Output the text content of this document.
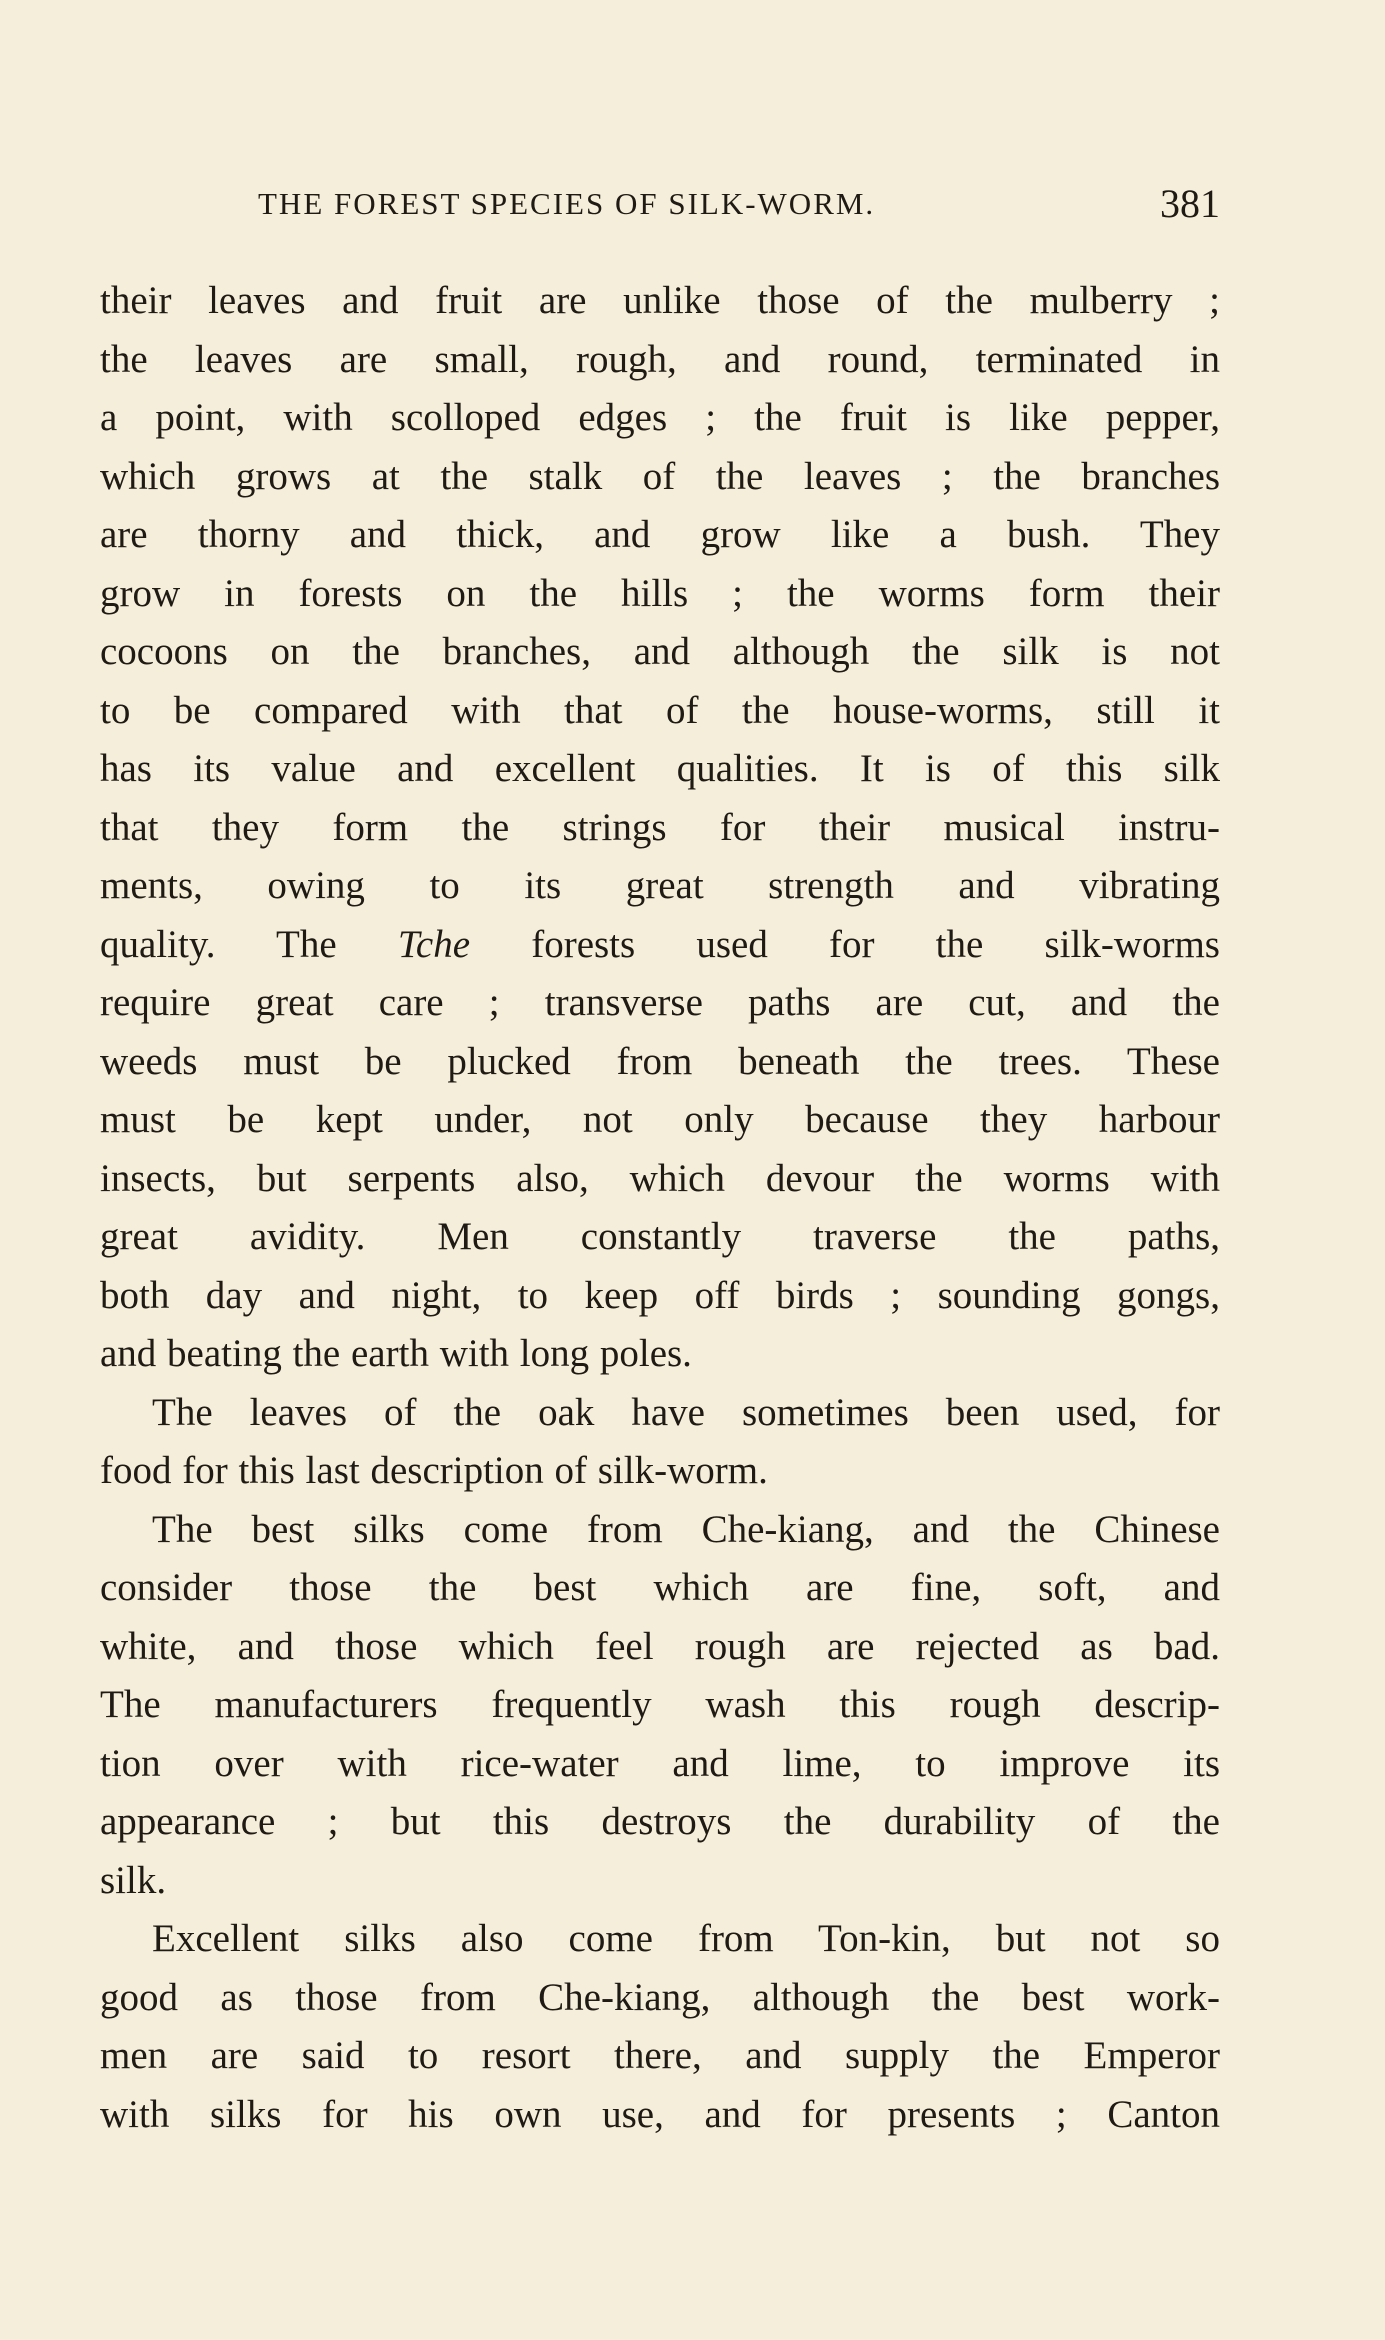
THE FOREST SPECIES OF SILK-WORM.	381
their leaves and fruit are unlike those of the mulberry ;
the leaves are small, rough, and round, terminated in
a point, with scolloped edges ; the fruit is like pepper,
which grows at the stalk of the leaves ; the branches
are thorny and thick, and grow like a bush. They
grow in forests on the hills ; the worms form their
cocoons on the branches, and although the silk is not
to be compared with that of the house-worms, still it
has its value and excellent qualities. It is of this silk
that they form the strings for their musical instru-
ments, owing to its great strength and vibrating
quality. The Tche forests used for the silk-worms
require great care ; transverse paths are cut, and the
weeds must be plucked from beneath the trees. These
must be kept under, not only because they harbour
insects, but serpents also, which devour the worms with
great avidity. Men constantly traverse the paths,
both day and night, to keep off birds ; sounding gongs,
and beating the earth with long poles.
The leaves of the oak have sometimes been used, for
food for this last description of silk-worm.
The best silks come from Che-kiang, and the Chinese
consider those the best which are fine, soft, and
white, and those which feel rough are rejected as bad.
The manufacturers frequently wash this rough descrip-
tion over with rice-water and lime, to improve its
appearance ; but this destroys the durability of the
silk.
Excellent silks also come from Ton-kin, but not so
good as those from Che-kiang, although the best work-
men are said to resort there, and supply the Emperor
with silks for his own use, and for presents ; Canton
